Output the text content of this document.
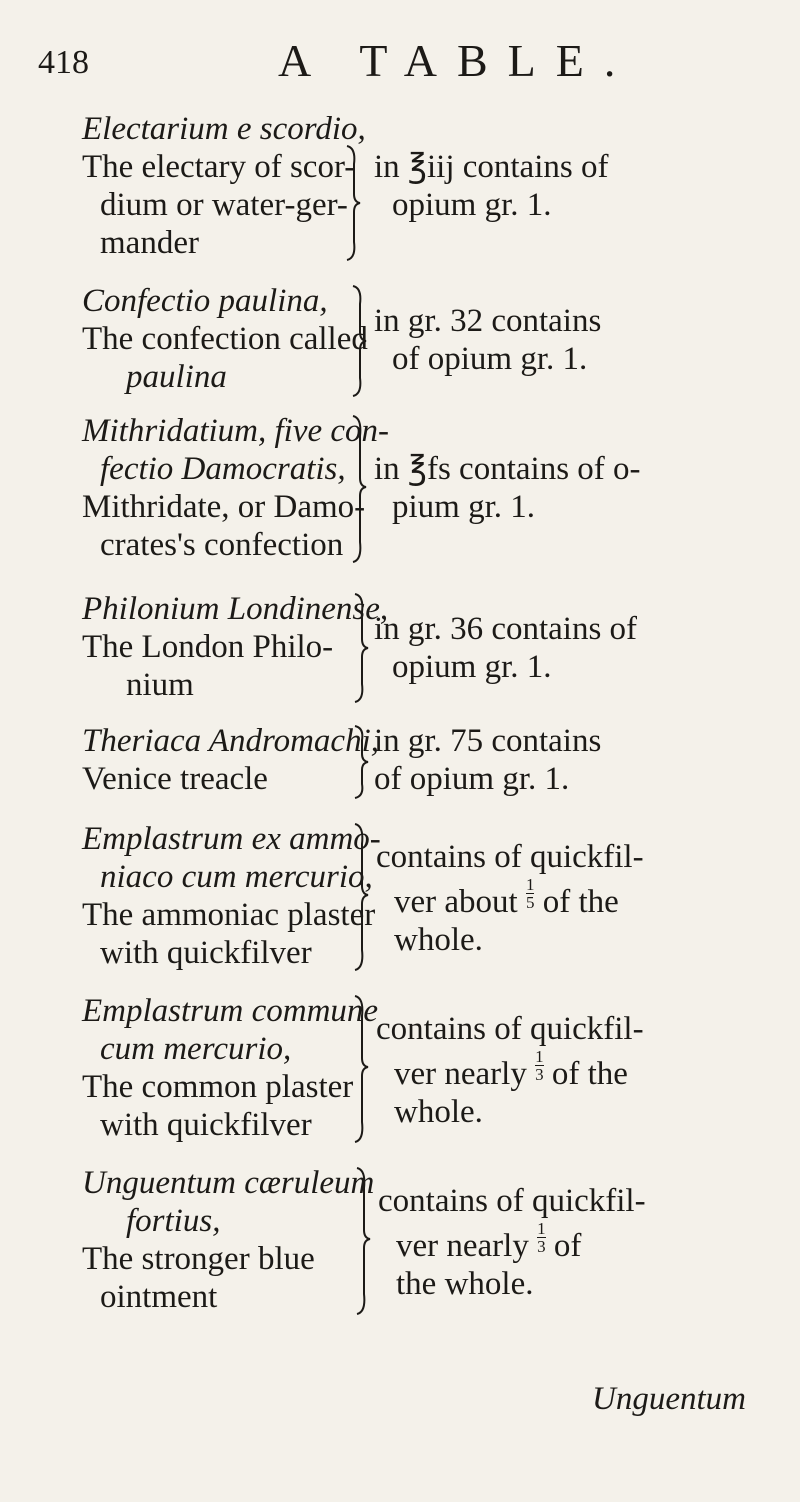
418	A TABLE.
Electarium e scordio,
The electary of scor-
dium or water-ger-
mander
in ℥iij contains of
opium gr. 1.
Confectio paulina,
The confection called
paulina
in gr. 32 contains
of opium gr. 1.
Mithridatium, five con-
fectio Damocratis,
Mithridate, or Damo-
crates's confection
in ℥fs contains of o-
pium gr. 1.
Philonium Londinense,
The London Philo-
nium
in gr. 36 contains of
opium gr. 1.
Theriaca Andromachi,
Venice treacle
in gr. 75 contains
of opium gr. 1.
Emplastrum ex ammo-
niaco cum mercurio,
The ammoniac plaster
with quickfilver
contains of quickfil-
ver about $\frac{1}{5}$ of the
whole.
Emplastrum commune
cum mercurio,
The common plaster
with quickfilver
contains of quickfil-
ver nearly $\frac{1}{3}$ of the
whole.
Unguentum cæruleum
fortius,
The stronger blue
ointment
contains of quickfil-
ver nearly $\frac{1}{3}$ of
the whole.
Unguentum
